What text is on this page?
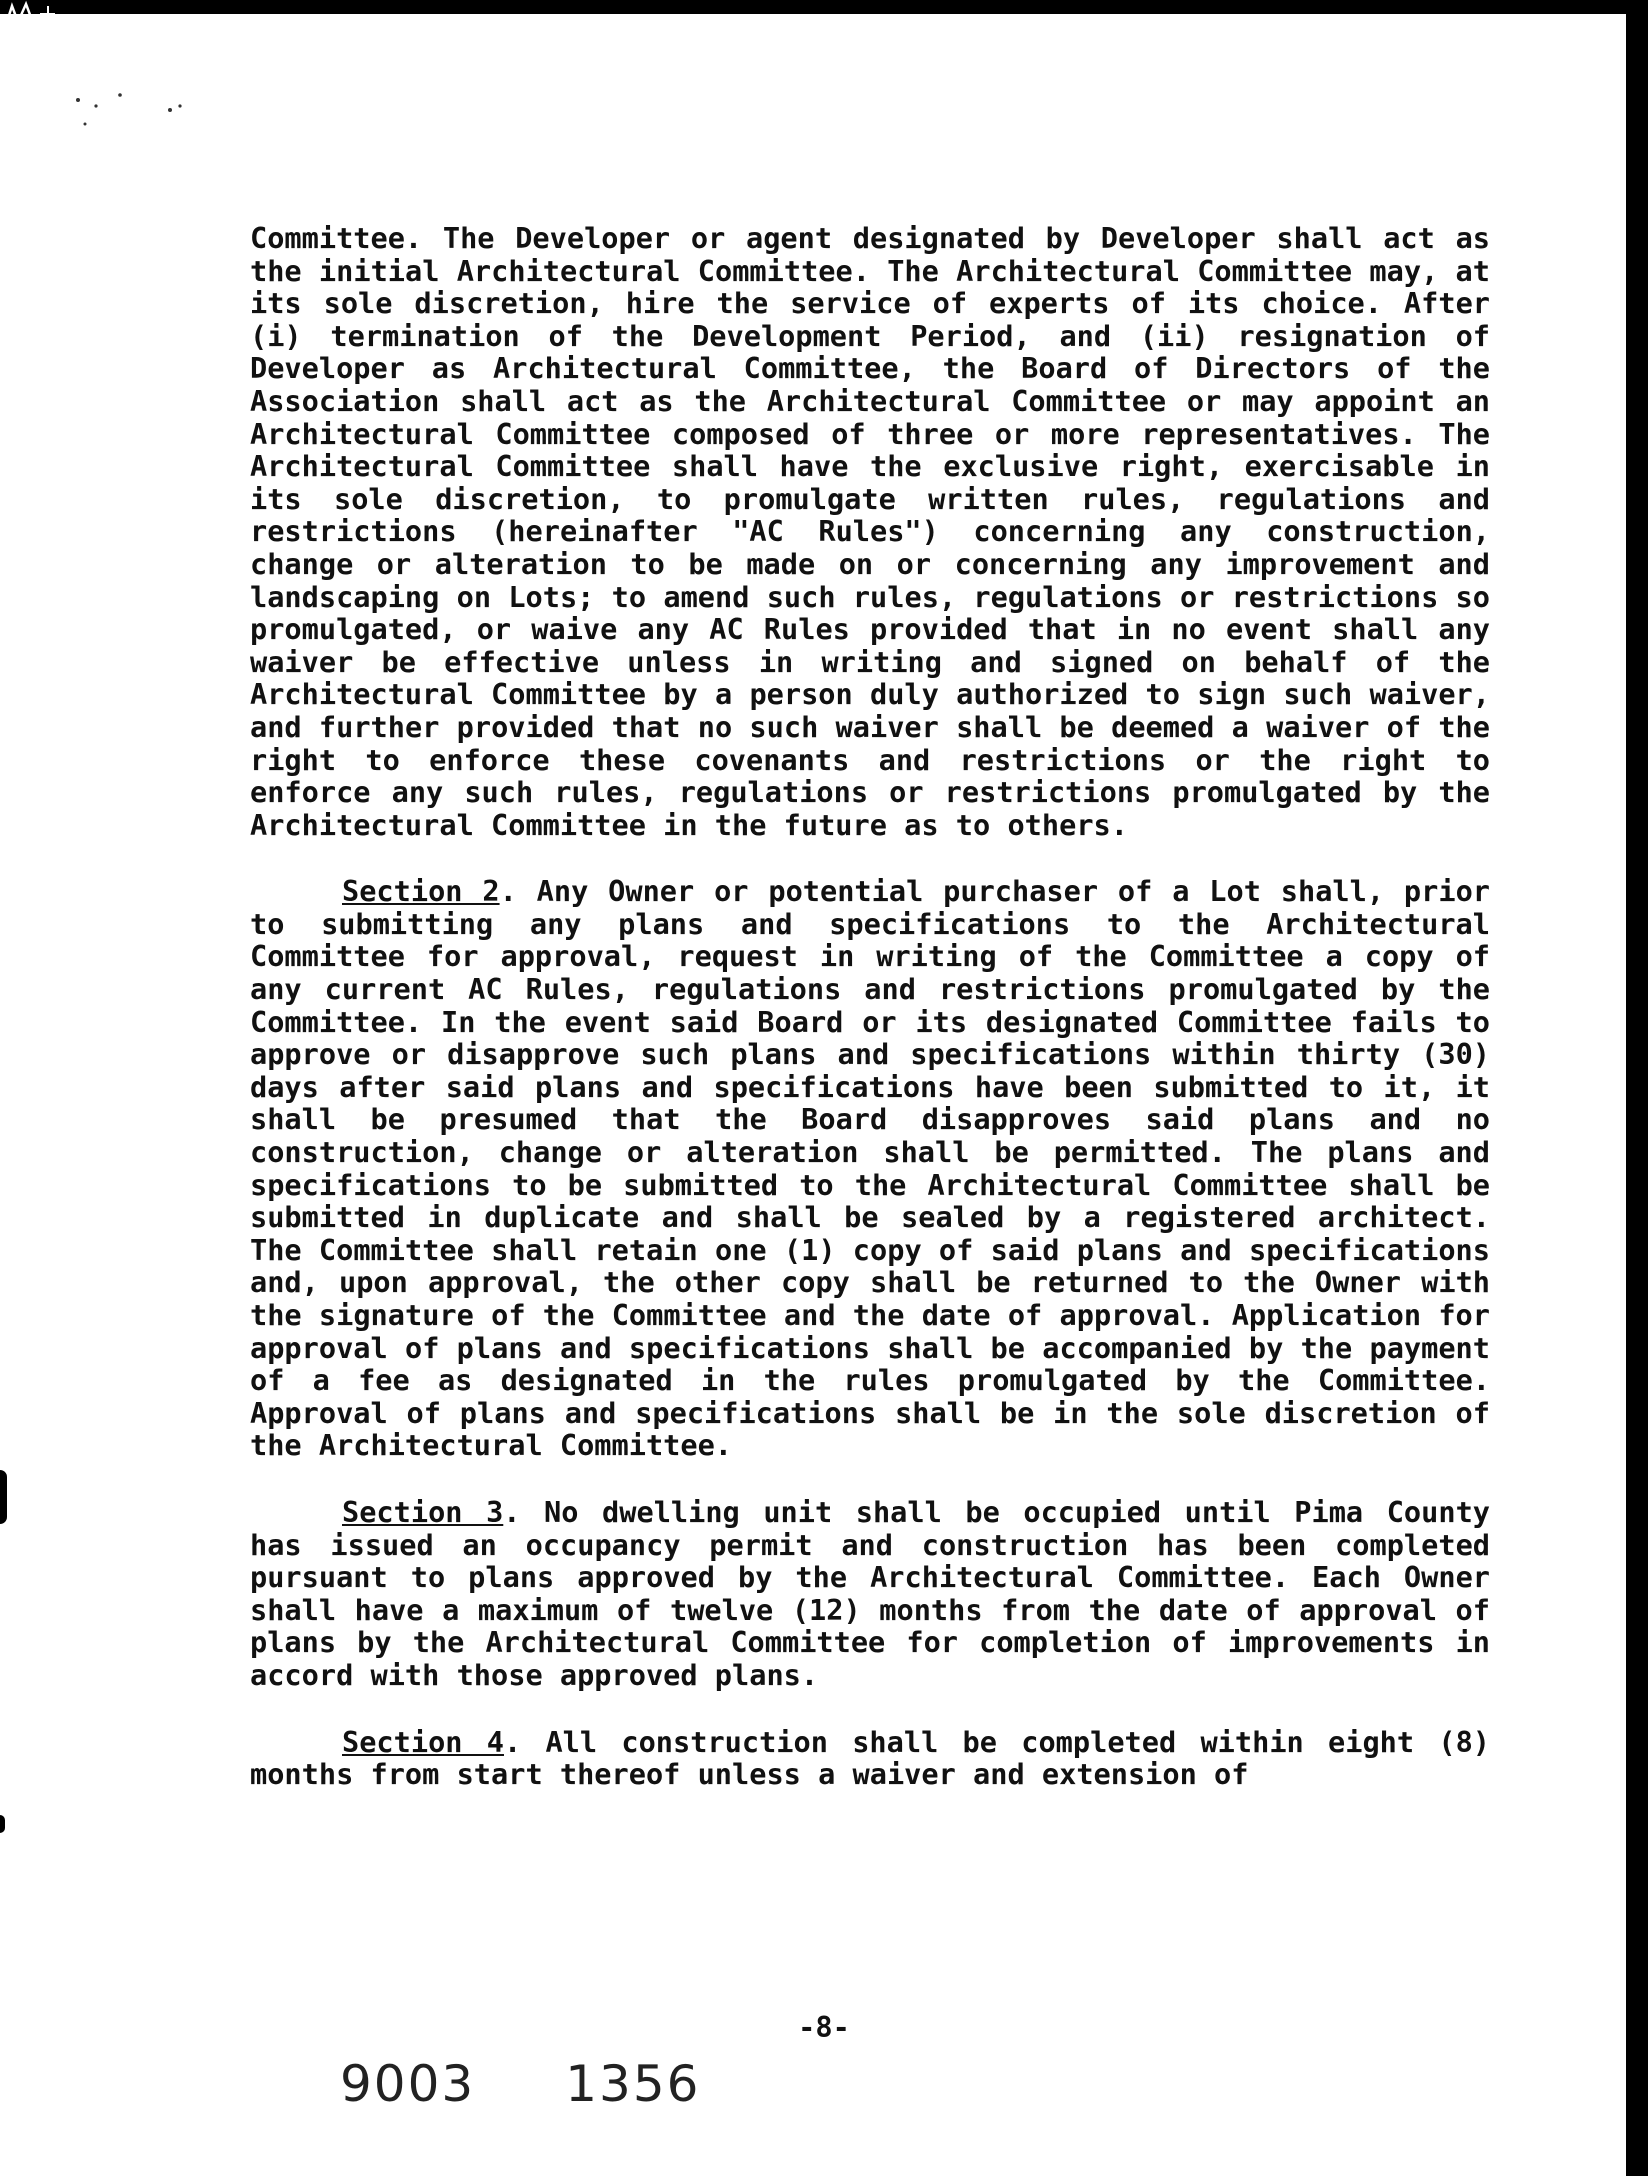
Committee. The Developer or agent designated by Developer shall act as the initial Architectural Committee. The Architectural Committee may, at its sole discretion, hire the service of experts of its choice. After (i) termination of the Development Period, and (ii) resignation of Developer as Architectural Committee, the Board of Directors of the Association shall act as the Architectural Committee or may appoint an Architectural Committee composed of three or more representatives. The Architectural Committee shall have the exclusive right, exercisable in its sole discretion, to promulgate written rules, regulations and restrictions (hereinafter "AC Rules") concerning any construction, change or alteration to be made on or concerning any improvement and landscaping on Lots; to amend such rules, regulations or restrictions so promulgated, or waive any AC Rules provided that in no event shall any waiver be effective unless in writing and signed on behalf of the Architectural Committee by a person duly authorized to sign such waiver, and further provided that no such waiver shall be deemed a waiver of the right to enforce these covenants and restrictions or the right to enforce any such rules, regulations or restrictions promulgated by the Architectural Committee in the future as to others.

Section 2. Any Owner or potential purchaser of a Lot shall, prior to submitting any plans and specifications to the Architectural Committee for approval, request in writing of the Committee a copy of any current AC Rules, regulations and restrictions promulgated by the Committee. In the event said Board or its designated Committee fails to approve or disapprove such plans and specifications within thirty (30) days after said plans and specifications have been submitted to it, it shall be presumed that the Board disapproves said plans and no construction, change or alteration shall be permitted. The plans and specifications to be submitted to the Architectural Committee shall be submitted in duplicate and shall be sealed by a registered architect. The Committee shall retain one (1) copy of said plans and specifications and, upon approval, the other copy shall be returned to the Owner with the signature of the Committee and the date of approval. Application for approval of plans and specifications shall be accompanied by the payment of a fee as designated in the rules promulgated by the Committee. Approval of plans and specifications shall be in the sole discretion of the Architectural Committee.

Section 3. No dwelling unit shall be occupied until Pima County has issued an occupancy permit and construction has been completed pursuant to plans approved by the Architectural Committee. Each Owner shall have a maximum of twelve (12) months from the date of approval of plans by the Architectural Committee for completion of improvements in accord with those approved plans.

Section 4. All construction shall be completed within eight (8) months from start thereof unless a waiver and extension of

-8-
9003 1356
